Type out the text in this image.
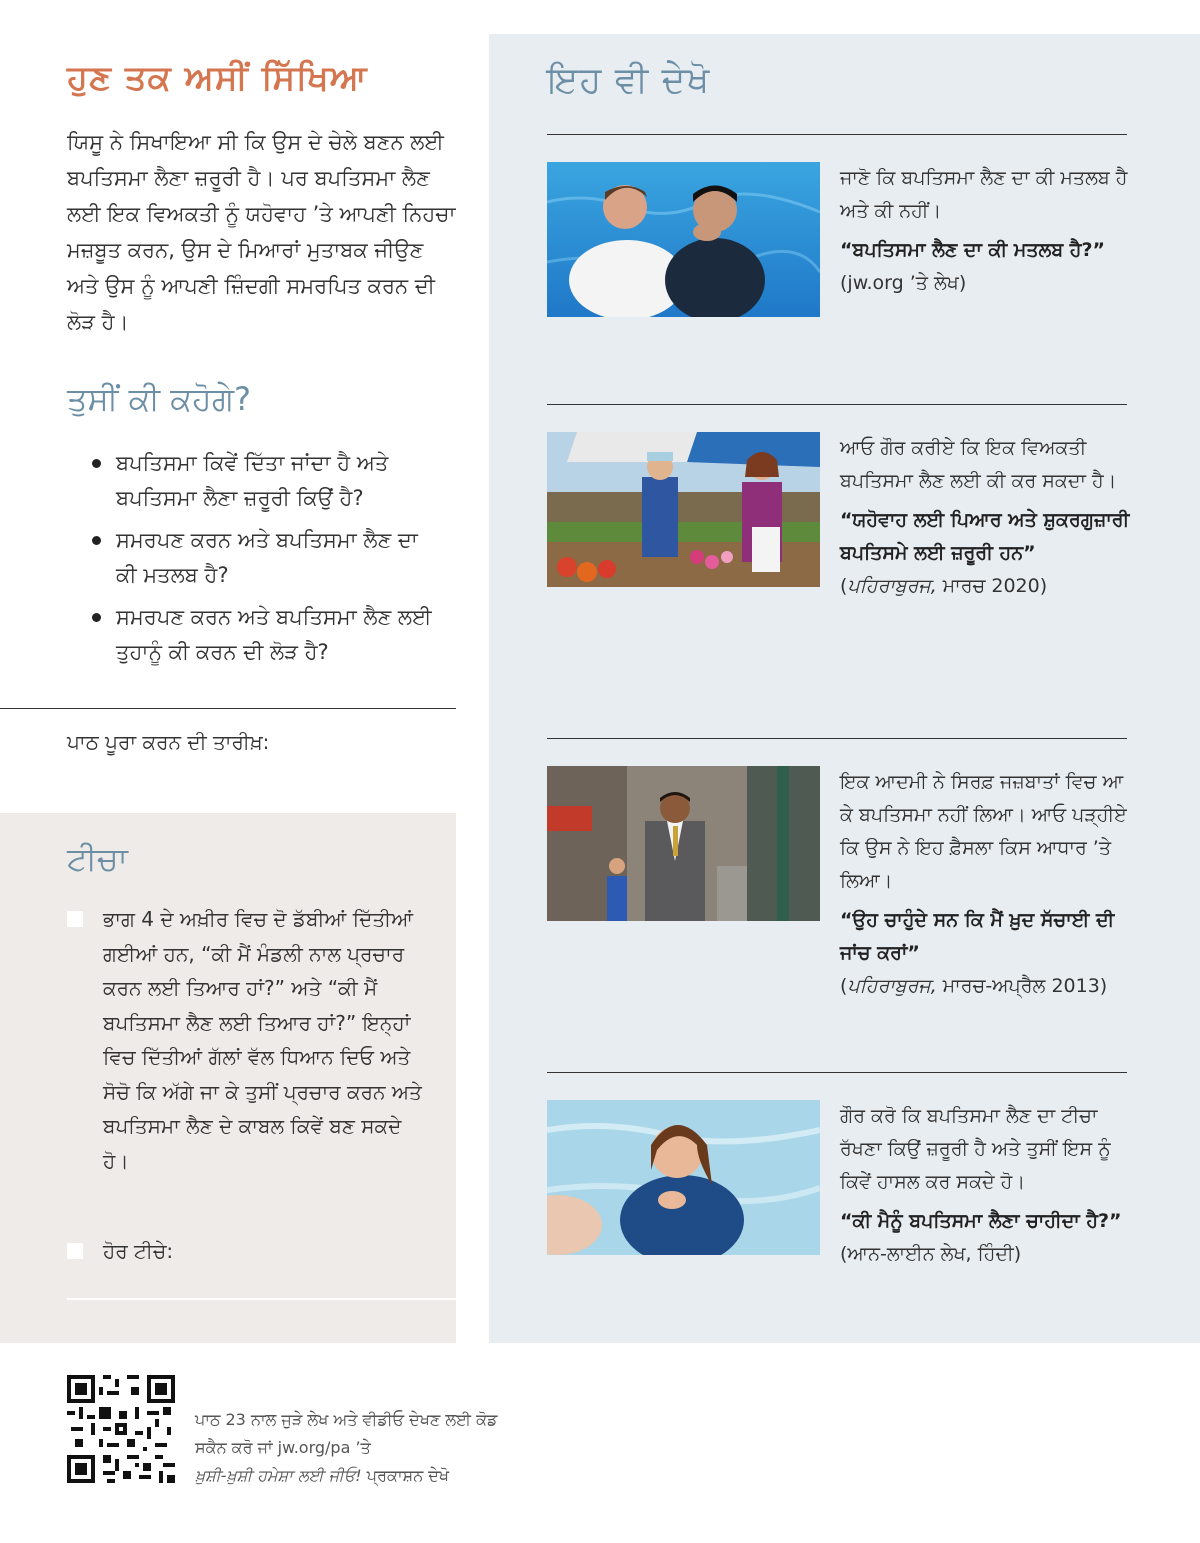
ਹੁਣ ਤਕ ਅਸੀਂ ਸਿੱਖਿਆ

ਯਿਸੂ ਨੇ ਸਿਖਾਇਆ ਸੀ ਕਿ ਉਸ ਦੇ ਚੇਲੇ ਬਣਨ ਲਈ ਬਪਤਿਸਮਾ ਲੈਣਾ ਜ਼ਰੂਰੀ ਹੈ। ਪਰ ਬਪਤਿਸਮਾ ਲੈਣ ਲਈ ਇਕ ਵਿਅਕਤੀ ਨੂੰ ਯਹੋਵਾਹ ’ਤੇ ਆਪਣੀ ਨਿਹਚਾ ਮਜ਼ਬੂਤ ਕਰਨ, ਉਸ ਦੇ ਮਿਆਰਾਂ ਮੁਤਾਬਕ ਜੀਉਣ ਅਤੇ ਉਸ ਨੂੰ ਆਪਣੀ ਜ਼ਿੰਦਗੀ ਸਮਰਪਿਤ ਕਰਨ ਦੀ ਲੋੜ ਹੈ।

ਤੁਸੀਂ ਕੀ ਕਹੋਗੇ?
ਬਪਤਿਸਮਾ ਕਿਵੇਂ ਦਿੱਤਾ ਜਾਂਦਾ ਹੈ ਅਤੇ ਬਪਤਿਸਮਾ ਲੈਣਾ ਜ਼ਰੂਰੀ ਕਿਉਂ ਹੈ?
ਸਮਰਪਣ ਕਰਨ ਅਤੇ ਬਪਤਿਸਮਾ ਲੈਣ ਦਾ ਕੀ ਮਤਲਬ ਹੈ?
ਸਮਰਪਣ ਕਰਨ ਅਤੇ ਬਪਤਿਸਮਾ ਲੈਣ ਲਈ ਤੁਹਾਨੂੰ ਕੀ ਕਰਨ ਦੀ ਲੋੜ ਹੈ?
ਪਾਠ ਪੂਰਾ ਕਰਨ ਦੀ ਤਾਰੀਖ਼:
ਟੀਚਾ
ਭਾਗ 4 ਦੇ ਅਖ਼ੀਰ ਵਿਚ ਦੋ ਡੱਬੀਆਂ ਦਿੱਤੀਆਂ ਗਈਆਂ ਹਨ, “ਕੀ ਮੈਂ ਮੰਡਲੀ ਨਾਲ ਪ੍ਰਚਾਰ ਕਰਨ ਲਈ ਤਿਆਰ ਹਾਂ?” ਅਤੇ “ਕੀ ਮੈਂ ਬਪਤਿਸਮਾ ਲੈਣ ਲਈ ਤਿਆਰ ਹਾਂ?” ਇਨ੍ਹਾਂ ਵਿਚ ਦਿੱਤੀਆਂ ਗੱਲਾਂ ਵੱਲ ਧਿਆਨ ਦਿਓ ਅਤੇ ਸੋਚੋ ਕਿ ਅੱਗੇ ਜਾ ਕੇ ਤੁਸੀਂ ਪ੍ਰਚਾਰ ਕਰਨ ਅਤੇ ਬਪਤਿਸਮਾ ਲੈਣ ਦੇ ਕਾਬਲ ਕਿਵੇਂ ਬਣ ਸਕਦੇ ਹੋ।
ਹੋਰ ਟੀਚੇ:
ਇਹ ਵੀ ਦੇਖੋ
ਜਾਣੋ ਕਿ ਬਪਤਿਸਮਾ ਲੈਣ ਦਾ ਕੀ ਮਤਲਬ ਹੈ ਅਤੇ ਕੀ ਨਹੀਂ।
“ਬਪਤਿਸਮਾ ਲੈਣ ਦਾ ਕੀ ਮਤਲਬ ਹੈ?”
(jw.org ’ਤੇ ਲੇਖ)
ਆਓ ਗੌਰ ਕਰੀਏ ਕਿ ਇਕ ਵਿਅਕਤੀ ਬਪਤਿਸਮਾ ਲੈਣ ਲਈ ਕੀ ਕਰ ਸਕਦਾ ਹੈ।
“ਯਹੋਵਾਹ ਲਈ ਪਿਆਰ ਅਤੇ ਸ਼ੁਕਰਗੁਜ਼ਾਰੀ ਬਪਤਿਸਮੇ ਲਈ ਜ਼ਰੂਰੀ ਹਨ” (ਪਹਿਰਾਬੁਰਜ, ਮਾਰਚ 2020)
ਇਕ ਆਦਮੀ ਨੇ ਸਿਰਫ਼ ਜਜ਼ਬਾਤਾਂ ਵਿਚ ਆ ਕੇ ਬਪਤਿਸਮਾ ਨਹੀਂ ਲਿਆ। ਆਓ ਪੜ੍ਹੀਏ ਕਿ ਉਸ ਨੇ ਇਹ ਫ਼ੈਸਲਾ ਕਿਸ ਆਧਾਰ ’ਤੇ ਲਿਆ।
“ਉਹ ਚਾਹੁੰਦੇ ਸਨ ਕਿ ਮੈਂ ਖ਼ੁਦ ਸੱਚਾਈ ਦੀ ਜਾਂਚ ਕਰਾਂ”
(ਪਹਿਰਾਬੁਰਜ, ਮਾਰਚ-ਅਪ੍ਰੈਲ 2013)
ਗੌਰ ਕਰੋ ਕਿ ਬਪਤਿਸਮਾ ਲੈਣ ਦਾ ਟੀਚਾ ਰੱਖਣਾ ਕਿਉਂ ਜ਼ਰੂਰੀ ਹੈ ਅਤੇ ਤੁਸੀਂ ਇਸ ਨੂੰ ਕਿਵੇਂ ਹਾਸਲ ਕਰ ਸਕਦੇ ਹੋ।
“ਕੀ ਮੈਨੂੰ ਬਪਤਿਸਮਾ ਲੈਣਾ ਚਾਹੀਦਾ ਹੈ?” (ਆਨ-ਲਾਈਨ ਲੇਖ, ਹਿੰਦੀ)
ਪਾਠ 23 ਨਾਲ ਜੁੜੇ ਲੇਖ ਅਤੇ ਵੀਡੀਓ ਦੇਖਣ ਲਈ ਕੋਡ ਸਕੈਨ ਕਰੋ ਜਾਂ jw.org/pa ’ਤੇ
ਖ਼ੁਸ਼ੀ-ਖ਼ੁਸ਼ੀ ਹਮੇਸ਼ਾ ਲਈ ਜੀਓ! ਪ੍ਰਕਾਸ਼ਨ ਦੇਖੋ
